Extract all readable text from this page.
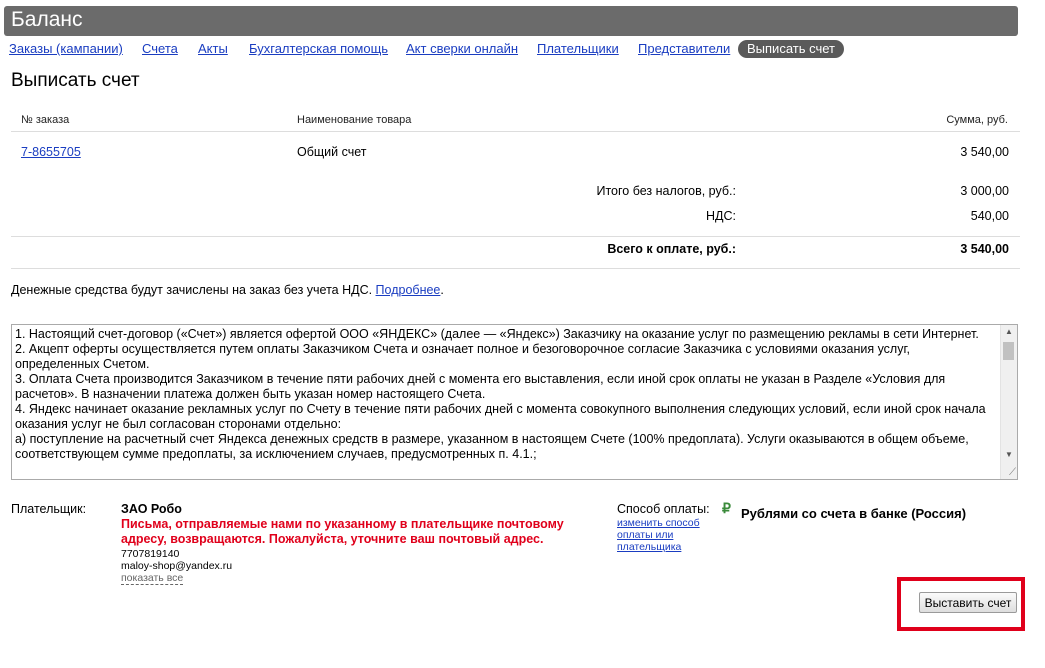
Баланс
Заказы (кампании) Счета Акты Бухгалтерская помощь Акт сверки онлайн Плательщики Представители	Выписать счет
Выписать счет
№ заказа	Наименование товара	Сумма, руб.
7-8655705	Общий счет	3 540,00
Итого без налогов, руб.:	3 000,00
НДС:	540,00
Всего к оплате, руб.:	3 540,00
Денежные средства будут зачислены на заказ без учета НДС. Подробнее.

1. Настоящий счет-договор («Счет») является офертой ООО «ЯНДЕКС» (далее — «Яндекс») Заказчику на оказание услуг по размещению рекламы в сети Интернет.

2. Акцепт оферты осуществляется путем оплаты Заказчиком Счета и означает полное и безоговорочное согласие Заказчика с условиями оказания услуг, определенных Счетом.

3. Оплата Счета производится Заказчиком в течение пяти рабочих дней с момента его выставления, если иной срок оплаты не указан в Разделе «Условия для расчетов». В назначении платежа должен быть указан номер настоящего Счета.

4. Яндекс начинает оказание рекламных услуг по Счету в течение пяти рабочих дней с момента совокупного выполнения следующих условий, если иной срок начала оказания услуг не был согласован сторонами отдельно:

а) поступление на расчетный счет Яндекса денежных средств в размере, указанном в настоящем Счете (100% предоплата). Услуги оказываются в общем объеме, соответствующем сумме предоплаты, за исключением случаев, предусмотренных п. 4.1.;

▲
▼
⟋
Плательщик:	ЗАО Робо
Письма, отправляемые нами по указанному в плательщике почтовому адресу, возвращаются. Пожалуйста, уточните ваш почтовый адрес.
7707819140
maloy-shop@yandex.ru
показать все
Способ оплаты:
изменить способ оплаты или плательщика
₽ Рублями со счета в банке (Россия)
Выставить счет
